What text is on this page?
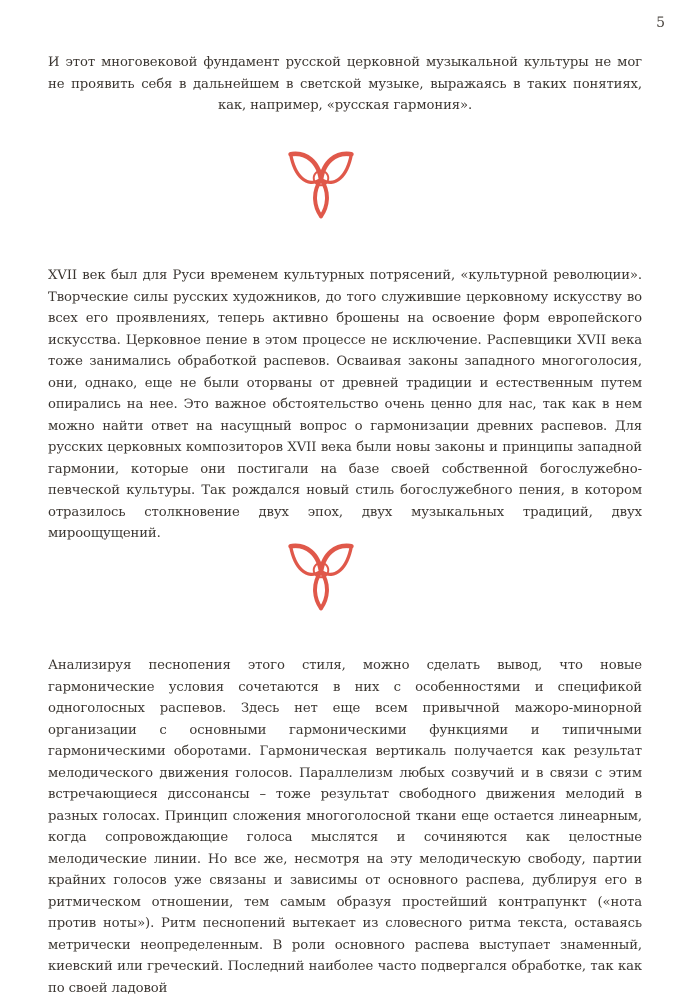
5

И этот многовековой фундамент русской церковной музыкальной культуры не мог не проявить себя в дальнейшем в светской музыке, выражаясь в таких понятиях, как, например, «русская гармония».

XVII век был для Руси временем культурных потрясений, «культурной революции». Творческие силы русских художников, до того служившие церковному искусству во всех его проявлениях, теперь активно брошены на освоение форм европейского искусства. Церковное пение в этом процессе не исключение. Распевщики XVII века тоже занимались обработкой распевов. Осваивая законы западного многоголосия, они, однако, еще не были оторваны от древней традиции и естественным путем опирались на нее. Это важное обстоятельство очень ценно для нас, так как в нем можно найти ответ на насущный вопрос о гармонизации древних распевов. Для русских церковных композиторов XVII века были новы законы и принципы западной гармонии, которые они постигали на базе своей собственной богослужебно-певческой культуры. Так рождался новый стиль богослужебного пения, в котором отразилось столкновение двух эпох, двух музыкальных традиций, двух мироощущений.

Анализируя песнопения этого стиля, можно сделать вывод, что новые гармонические условия сочетаются в них с особенностями и спецификой одноголосных распевов. Здесь нет еще всем привычной мажоро-минорной организации с основными гармоническими функциями и типичными гармоническими оборотами. Гармоническая вертикаль получается как результат мелодического движения голосов. Параллелизм любых созвучий и в связи с этим встречающиеся диссонансы – тоже результат свободного движения мелодий в разных голосах. Принцип сложения многоголосной ткани еще остается линеарным, когда сопровождающие голоса мыслятся и сочиняются как целостные мелодические линии. Но все же, несмотря на эту мелодическую свободу, партии крайних голосов уже связаны и зависимы от основного распева, дублируя его в ритмическом отношении, тем самым образуя простейший контрапункт («нота против ноты»). Ритм песнопений вытекает из словесного ритма текста, оставаясь метрически неопределенным. В роли основного распева выступает знаменный, киевский или греческий. Последний наиболее часто подвергался обработке, так как по своей ладовой
